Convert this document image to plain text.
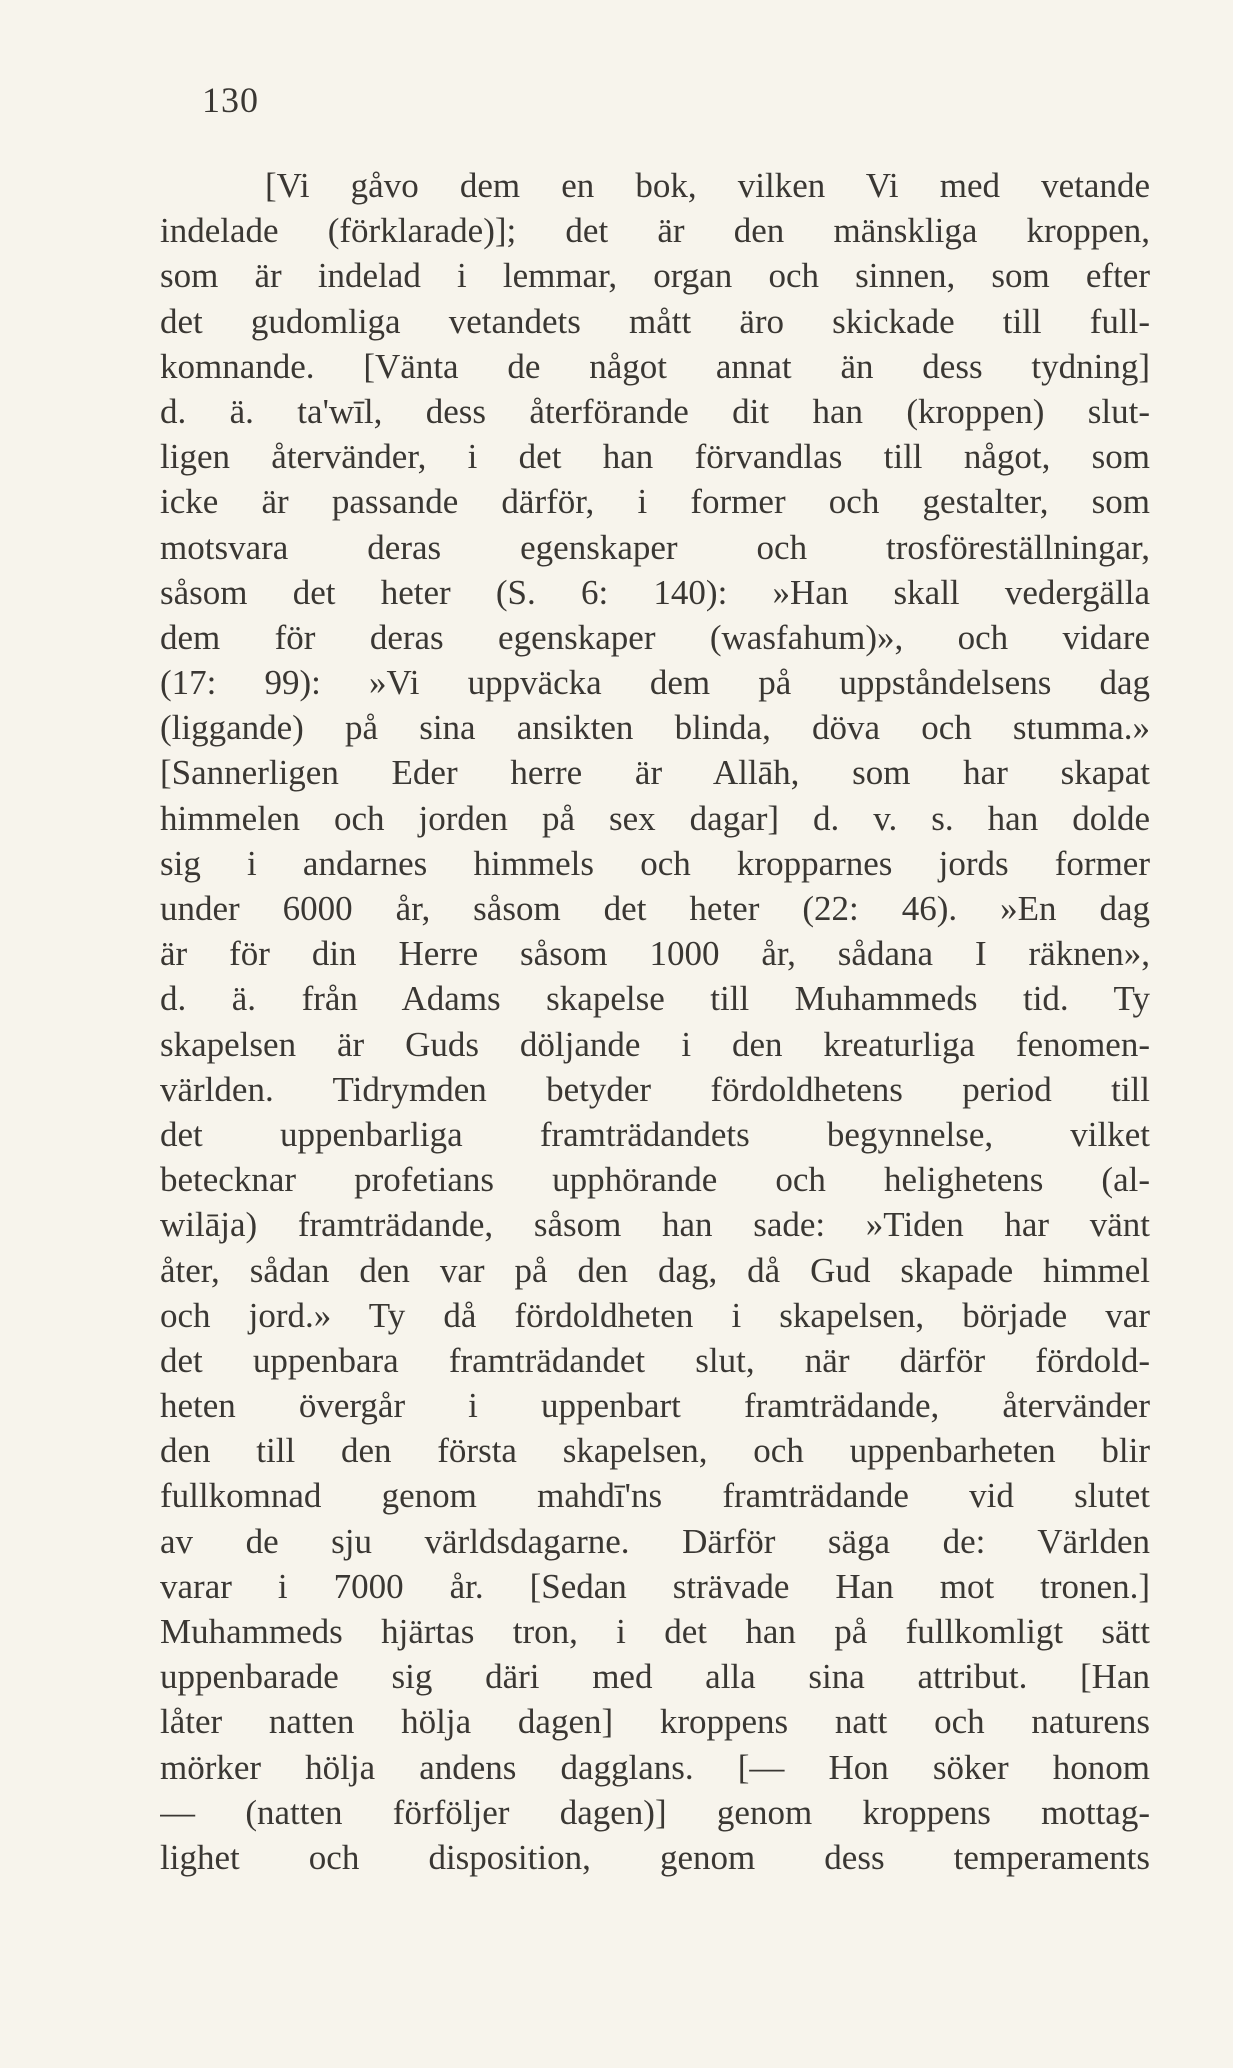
130
[Vi gåvo dem en bok, vilken Vi med vetande
indelade (förklarade)]; det är den mänskliga kroppen,
som är indelad i lemmar, organ och sinnen, som efter
det gudomliga vetandets mått äro skickade till full-
komnande. [Vänta de något annat än dess tydning]
d. ä. ta'wīl, dess återförande dit han (kroppen) slut-
ligen återvänder, i det han förvandlas till något, som
icke är passande därför, i former och gestalter, som
motsvara deras egenskaper och trosföreställningar,
såsom det heter (S. 6: 140): »Han skall vedergälla
dem för deras egenskaper (wasfahum)», och vidare
(17: 99): »Vi uppväcka dem på uppståndelsens dag
(liggande) på sina ansikten blinda, döva och stumma.»
[Sannerligen Eder herre är Allāh, som har skapat
himmelen och jorden på sex dagar] d. v. s. han dolde
sig i andarnes himmels och kropparnes jords former
under 6000 år, såsom det heter (22: 46). »En dag
är för din Herre såsom 1000 år, sådana I räknen»,
d. ä. från Adams skapelse till Muhammeds tid. Ty
skapelsen är Guds döljande i den kreaturliga fenomen-
världen. Tidrymden betyder fördoldhetens period till
det uppenbarliga framträdandets begynnelse, vilket
betecknar profetians upphörande och helighetens (al-
wilāja) framträdande, såsom han sade: »Tiden har vänt
åter, sådan den var på den dag, då Gud skapade himmel
och jord.» Ty då fördoldheten i skapelsen, började var
det uppenbara framträdandet slut, när därför fördold-
heten övergår i uppenbart framträdande, återvänder
den till den första skapelsen, och uppenbarheten blir
fullkomnad genom mahdī'ns framträdande vid slutet
av de sju världsdagarne. Därför säga de: Världen
varar i 7000 år. [Sedan strävade Han mot tronen.]
Muhammeds hjärtas tron, i det han på fullkomligt sätt
uppenbarade sig däri med alla sina attribut. [Han
låter natten hölja dagen] kroppens natt och naturens
mörker hölja andens dagglans. [— Hon söker honom
— (natten förföljer dagen)] genom kroppens mottag-
lighet och disposition, genom dess temperaments
